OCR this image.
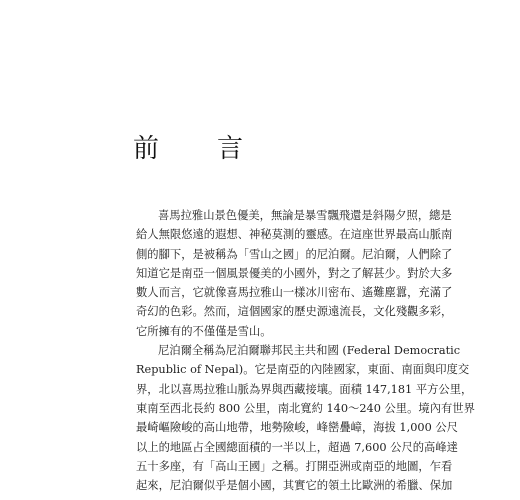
前　言

喜馬拉雅山景色優美，無論是暴雪飄飛還是斜陽夕照，總是
給人無限悠遠的遐想、神秘莫測的靈感。在這座世界最高山脈南
側的腳下，是被稱為「雪山之國」的尼泊爾。尼泊爾，人們除了
知道它是南亞一個風景優美的小國外，對之了解甚少。對於大多
數人而言，它就像喜馬拉雅山一樣冰川密布、遙難塵囂，充滿了
奇幻的色彩。然而，這個國家的歷史源遠流長，文化殘觀多彩，
它所擁有的不僅僅是雪山。

尼泊爾全稱為尼泊爾聯邦民主共和國 (Federal Democratic
Republic of Nepal)。它是南亞的內陸國家，東面、南面與印度交
界，北以喜馬拉雅山脈為界與西藏接壤。面積 147,181 平方公里，
東南至西北長約 800 公里，南北寬約 140～240 公里。境內有世界
最崎嶇險峻的高山地帶，地勢險峻，峰巒疊嶂，海拔 1,000 公尺
以上的地區占全國總面積的一半以上，超過 7,600 公尺的高峰達
五十多座，有「高山王國」之稱。打開亞洲或南亞的地圖，乍看
起來，尼泊爾似乎是個小國，其實它的領土比歐洲的希臘、保加
